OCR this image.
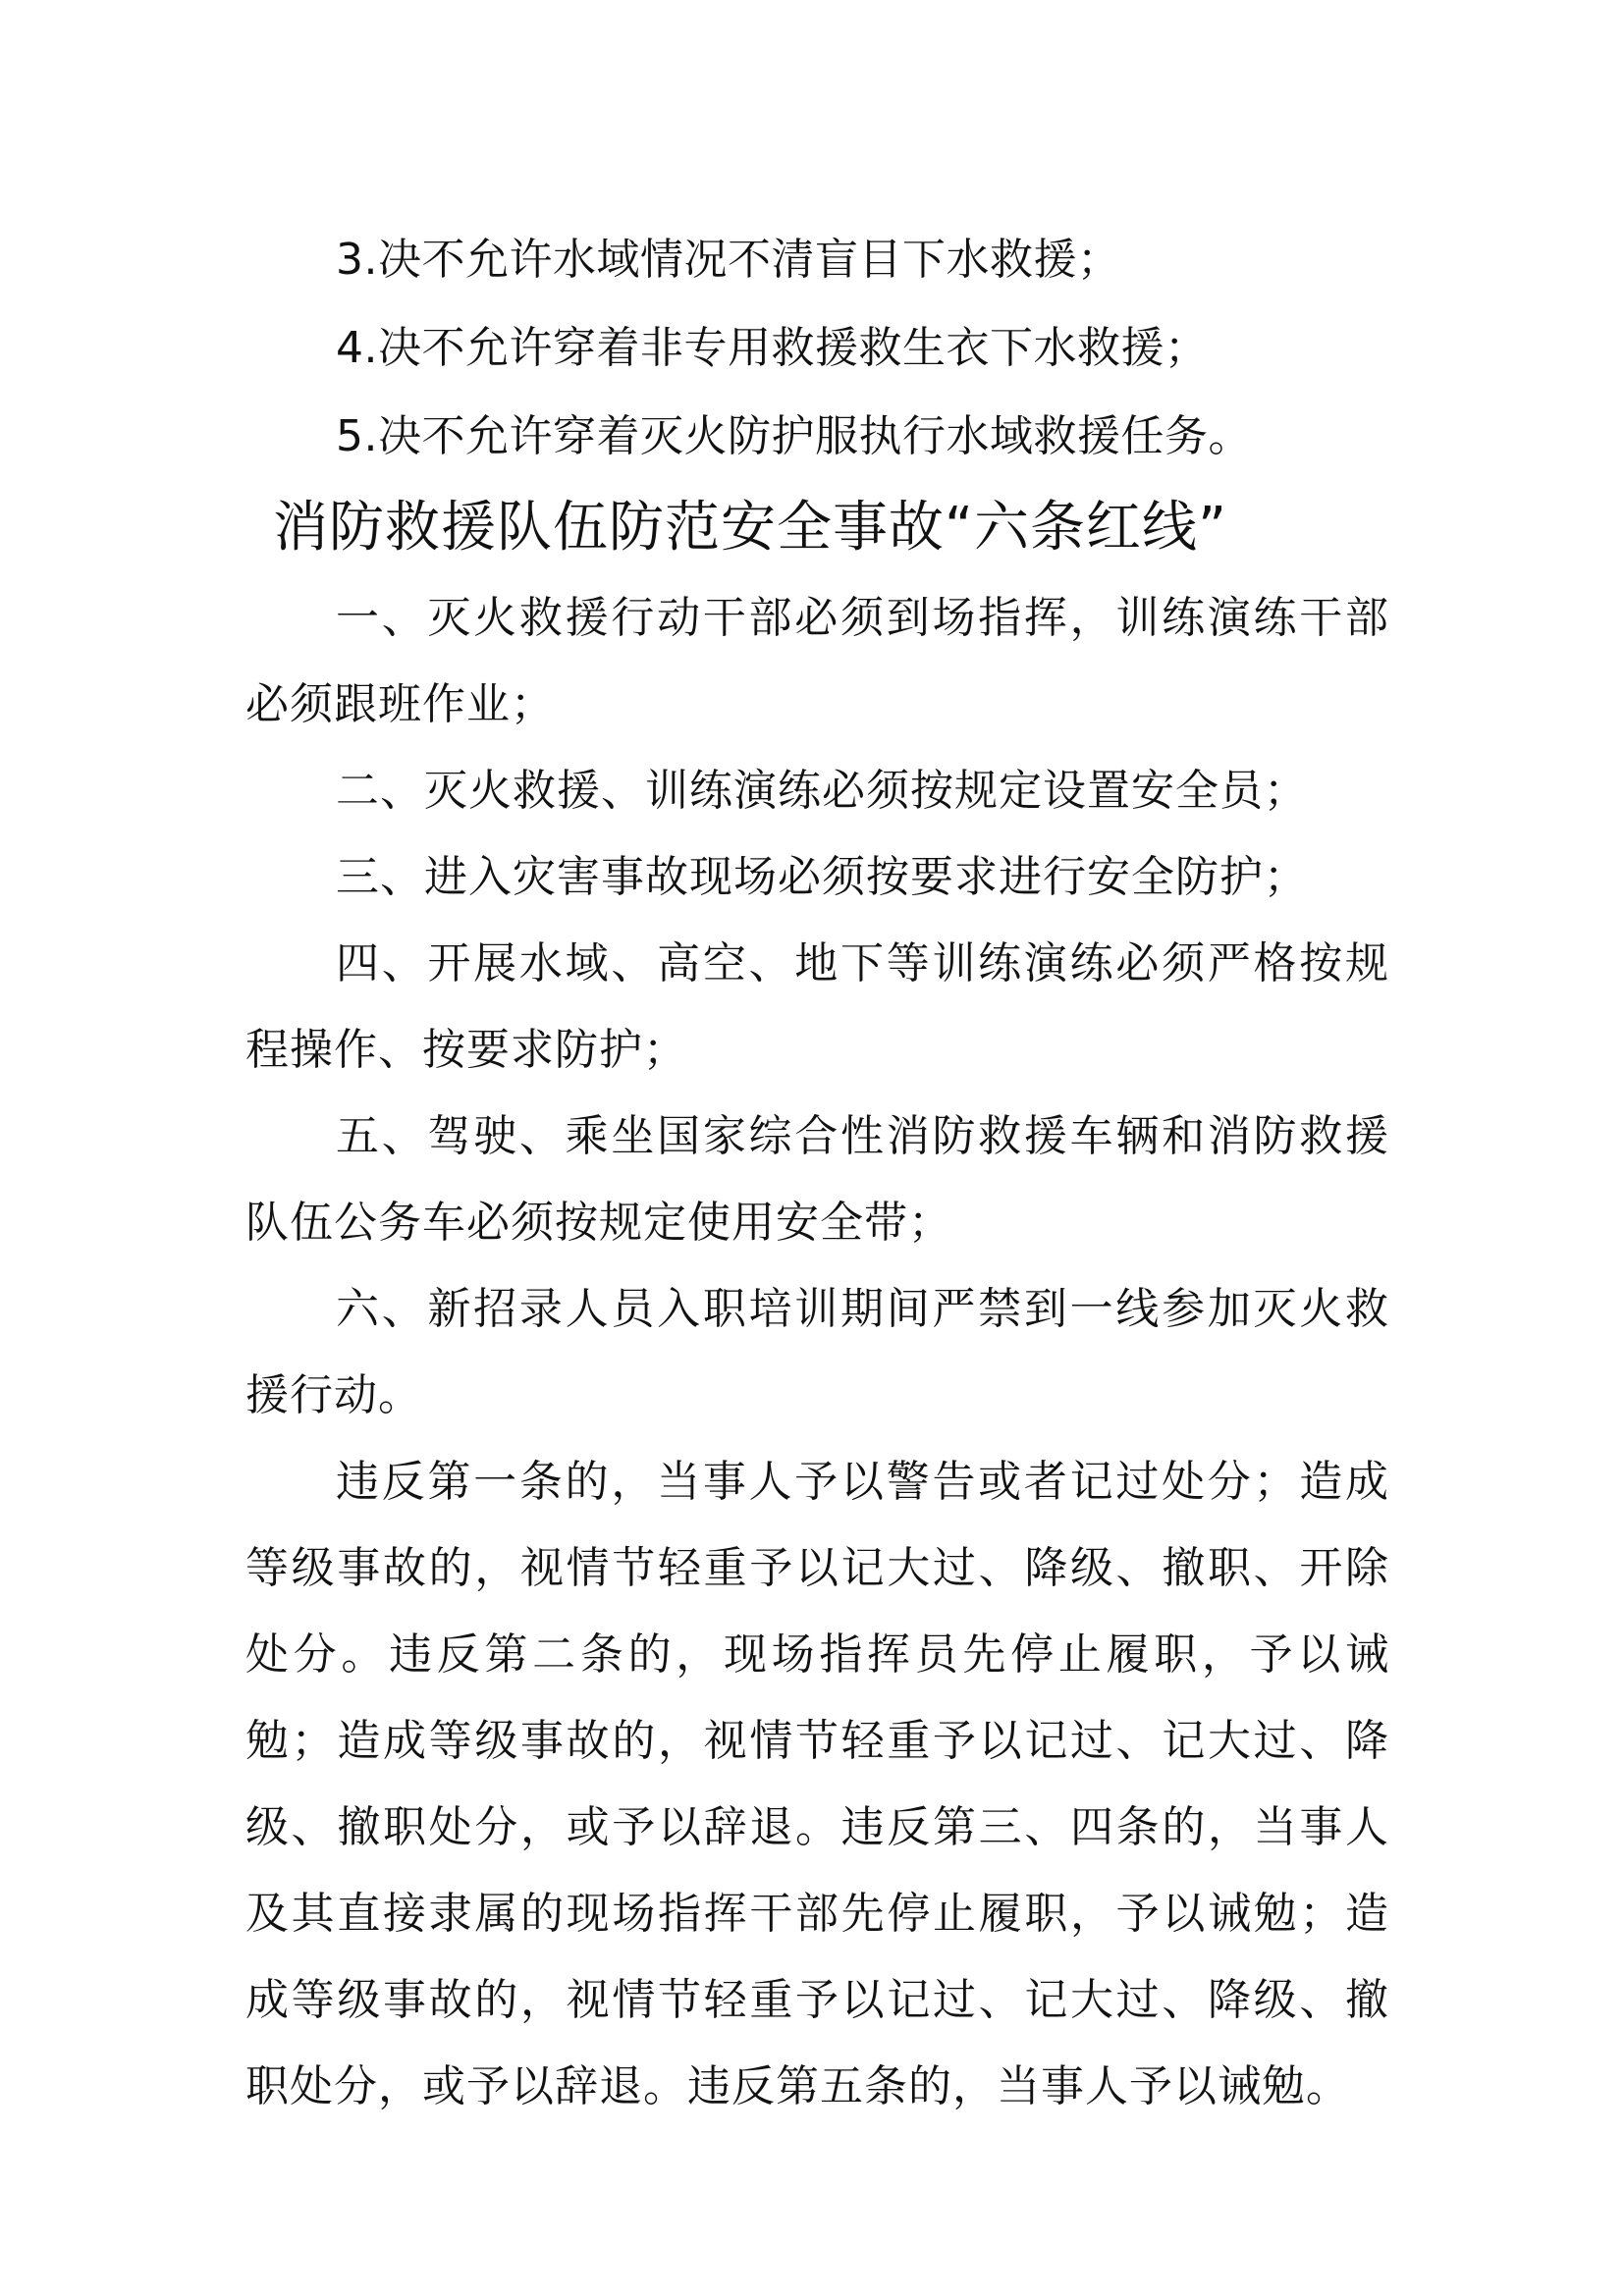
3.决不允许水域情况不清盲目下水救援；

4.决不允许穿着非专用救援救生衣下水救援；

5.决不允许穿着灭火防护服执行水域救援任务。

消防救援队伍防范安全事故“六条红线”

一、灭火救援行动干部必须到场指挥，训练演练干部必须跟班作业；

二、灭火救援、训练演练必须按规定设置安全员；

三、进入灾害事故现场必须按要求进行安全防护；

四、开展水域、高空、地下等训练演练必须严格按规程操作、按要求防护；

五、驾驶、乘坐国家综合性消防救援车辆和消防救援队伍公务车必须按规定使用安全带；

六、新招录人员入职培训期间严禁到一线参加灭火救援行动。

违反第一条的，当事人予以警告或者记过处分；造成等级事故的，视情节轻重予以记大过、降级、撤职、开除处分。违反第二条的，现场指挥员先停止履职，予以诫勉；造成等级事故的，视情节轻重予以记过、记大过、降级、撤职处分，或予以辞退。违反第三、四条的，当事人及其直接隶属的现场指挥干部先停止履职，予以诫勉；造成等级事故的，视情节轻重予以记过、记大过、降级、撤职处分，或予以辞退。违反第五条的，当事人予以诫勉。
